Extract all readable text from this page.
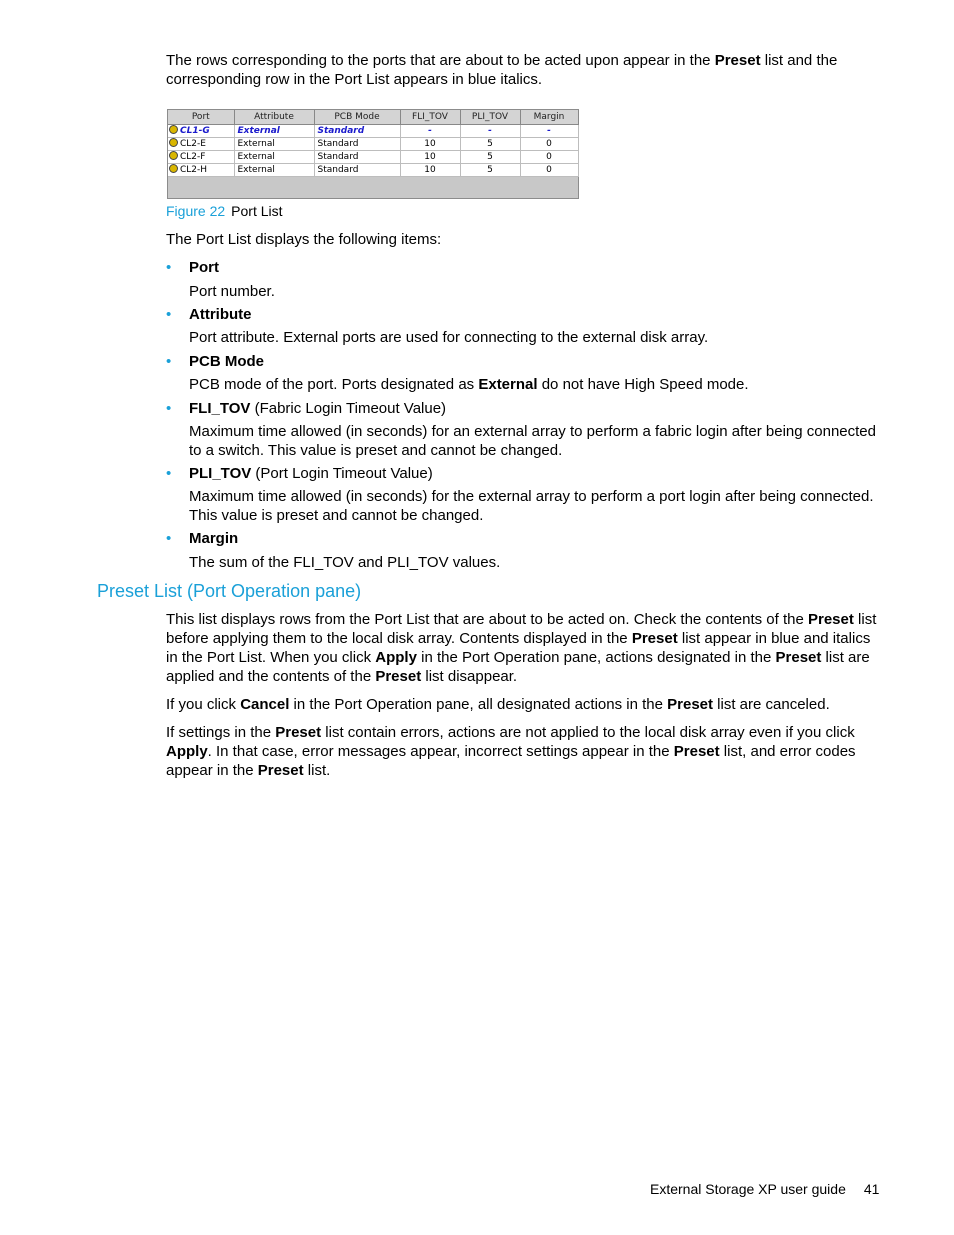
The rows corresponding to the ports that are about to be acted upon appear in the Preset list and the corresponding row in the Port List appears in blue italics.

Port	Attribute	PCB Mode	FLI_TOV	PLI_TOV	Margin
CL1-G	External	Standard	-	-	-
CL2-E	External	Standard	10	5	0
CL2-F	External	Standard	10	5	0
CL2-H	External	Standard	10	5	0
Figure 22 Port List

The Port List displays the following items:

• Port
Port number.
• Attribute
Port attribute. External ports are used for connecting to the external disk array.
• PCB Mode
PCB mode of the port. Ports designated as External do not have High Speed mode.
• FLI_TOV (Fabric Login Timeout Value)
Maximum time allowed (in seconds) for an external array to perform a fabric login after being connected to a switch. This value is preset and cannot be changed.
• PLI_TOV (Port Login Timeout Value)
Maximum time allowed (in seconds) for the external array to perform a port login after being connected. This value is preset and cannot be changed.
• Margin
The sum of the FLI_TOV and PLI_TOV values.
Preset List (Port Operation pane)

This list displays rows from the Port List that are about to be acted on. Check the contents of the Preset list before applying them to the local disk array. Contents displayed in the Preset list appear in blue and italics in the Port List. When you click Apply in the Port Operation pane, actions designated in the Preset list are applied and the contents of the Preset list disappear.

If you click Cancel in the Port Operation pane, all designated actions in the Preset list are canceled.

If settings in the Preset list contain errors, actions are not applied to the local disk array even if you click Apply. In that case, error messages appear, incorrect settings appear in the Preset list, and error codes appear in the Preset list.

External Storage XP user guide 41
